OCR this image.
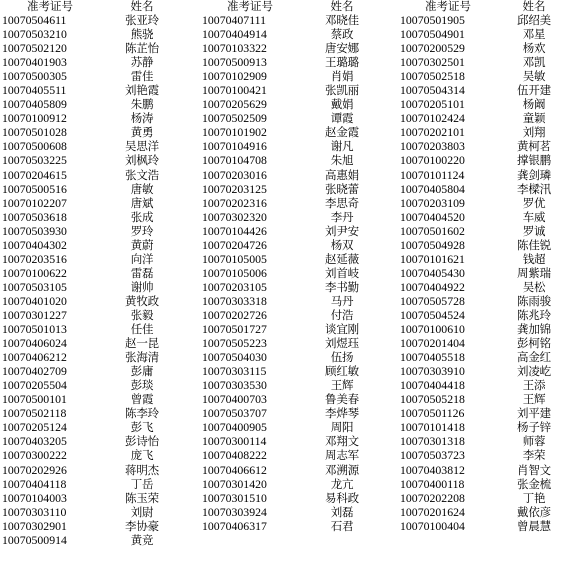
准考证号
10070504611
10070503210
10070502120
10070401903
10070500305
10070405511
10070405809
10070100912
10070501028
10070500608
10070503225
10070204615
10070500516
10070102207
10070503618
10070503930
10070404302
10070203516
10070100622
10070503105
10070401020
10070301227
10070501013
10070406024
10070406212
10070402709
10070205504
10070500101
10070502118
10070205124
10070403205
10070300222
10070202926
10070404118
10070104003
10070303110
10070302901
10070500914
姓名
张亚玲
熊骁
陈芷怡
苏静
雷佳
刘艳霞
朱鹏
杨涛
黄勇
吴思洋
刘枫玲
张文浩
唐敏
唐斌
张成
罗玲
黄蔚
向洋
雷磊
谢帅
黄牧政
张毅
任佳
赵一昆
张海清
彭庸
彭琰
曾霞
陈李玲
彭飞
彭诗怡
庞飞
蒋明杰
丁岳
陈玉荣
刘尉
李协豪
黄竞
准考证号
10070407111
10070404914
10070103322
10070500913
10070102909
10070100421
10070205629
10070502509
10070101902
10070104916
10070104708
10070203016
10070203125
10070202316
10070302320
10070104426
10070204726
10070105005
10070105006
10070203105
10070303318
10070202726
10070501727
10070505223
10070504030
10070303115
10070303530
10070400703
10070503707
10070400905
10070300114
10070408222
10070406612
10070301420
10070301510
10070303924
10070406317
姓名
邓晓佳
蔡政
唐安娜
王璐璐
肖娟
张凯丽
戴娟
谭霞
赵金霞
谢凡
朱旭
高惠娟
张晓蕾
李思奇
李丹
刘尹安
杨双
赵延薇
刘首岐
李书勤
马丹
付浩
谈宜刚
刘煜珏
伍扬
顾红敏
王辉
鲁美春
李烨琴
周阳
邓翔文
周志军
邓溯源
龙亢
易科政
刘磊
石君
准考证号
10070501905
10070504901
10070200529
10070302501
10070502518
10070504314
10070205101
10070102424
10070202101
10070203803
10070100220
10070101124
10070405804
10070203109
10070404520
10070501602
10070504928
10070101621
10070405430
10070404922
10070505728
10070504524
10070100610
10070201404
10070405518
10070303910
10070404418
10070505218
10070501126
10070101418
10070301318
10070503723
10070403812
10070400118
10070202208
10070201624
10070100404
姓名
邱绍美
邓星
杨欢
邓凯
吴敏
伍开建
杨阚
童颖
刘翔
黄柯茗
撑银鹏
龚剑璘
李樑汛
罗优
车威
罗诚
陈佳锐
钱超
周紫瑞
吴松
陈雨骏
陈兆玲
龚加锦
彭柯铭
高金红
刘凌屹
王添
王辉
刘平建
杨子锌
师蓉
李荣
肖智文
张金梳
丁艳
戴依彦
曾晨慧
